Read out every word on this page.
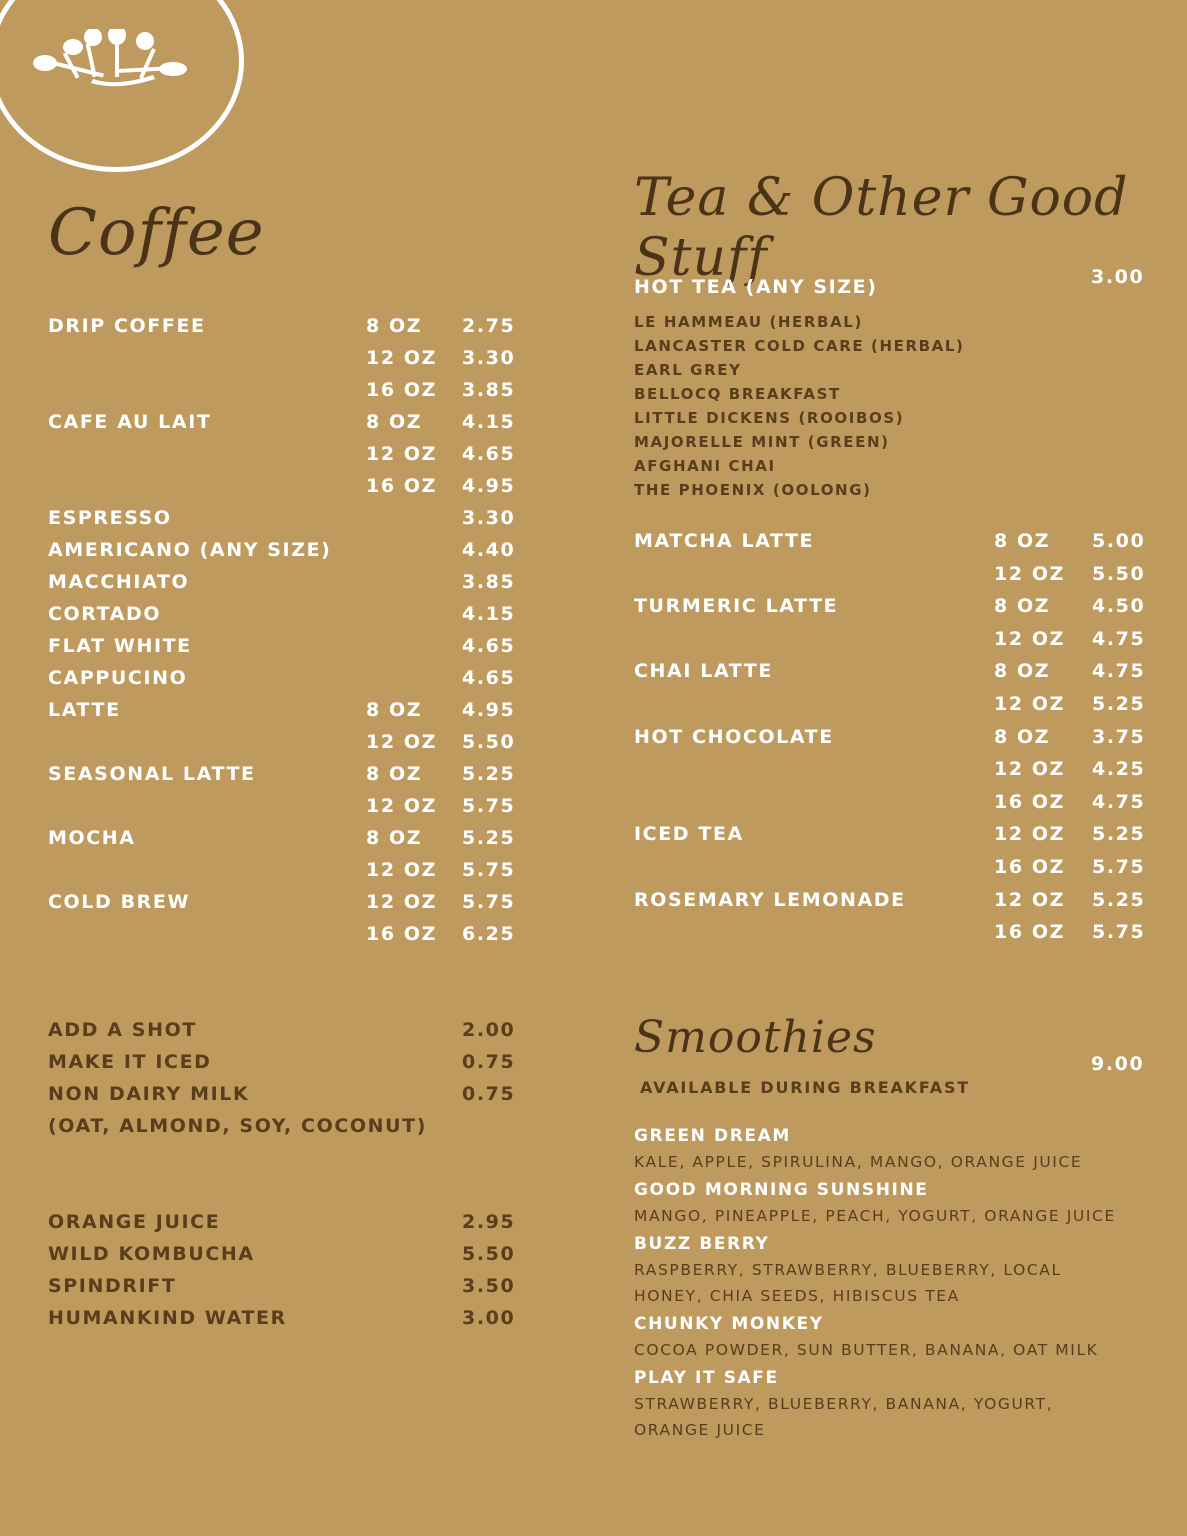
Coffee	Tea & Other Good Stuff
Smoothies
DRIP COFFEE	8 OZ 2.75
12 OZ 3.30
16 OZ 3.85
CAFE AU LAIT	8 OZ 4.15
12 OZ 4.65
16 OZ 4.95
ESPRESSO	3.30
AMERICANO (ANY SIZE)	4.40
MACCHIATO	3.85
CORTADO	4.15
FLAT WHITE	4.65
CAPPUCINO	4.65
LATTE	8 OZ 4.95
12 OZ 5.50
SEASONAL LATTE	8 OZ 5.25
12 OZ 5.75
MOCHA	8 OZ 5.25
12 OZ 5.75
COLD BREW	12 OZ 5.75
16 OZ 6.25
ADD A SHOT	2.00
MAKE IT ICED	0.75
NON DAIRY MILK	0.75
(OAT, ALMOND, SOY, COCONUT)
ORANGE JUICE	2.95
WILD KOMBUCHA	5.50
SPINDRIFT	3.50
HUMANKIND WATER	3.00
HOT TEA (ANY SIZE)	3.00
LE HAMMEAU (HERBAL)
LANCASTER COLD CARE (HERBAL)
EARL GREY
BELLOCQ BREAKFAST
LITTLE DICKENS (ROOIBOS)
MAJORELLE MINT (GREEN)
AFGHANI CHAI
THE PHOENIX (OOLONG)
MATCHA LATTE	8 OZ 5.00
12 OZ 5.50
TURMERIC LATTE	8 OZ 4.50
12 OZ 4.75
CHAI LATTE	8 OZ 4.75
12 OZ 5.25
HOT CHOCOLATE	8 OZ 3.75
12 OZ 4.25
16 OZ 4.75
ICED TEA	12 OZ 5.25
16 OZ 5.75
ROSEMARY LEMONADE	12 OZ 5.25
16 OZ 5.75
9.00
AVAILABLE DURING BREAKFAST
GREEN DREAM
KALE, APPLE, SPIRULINA, MANGO, ORANGE JUICE
GOOD MORNING SUNSHINE
MANGO, PINEAPPLE, PEACH, YOGURT, ORANGE JUICE
BUZZ BERRY
RASPBERRY, STRAWBERRY, BLUEBERRY, LOCAL
HONEY, CHIA SEEDS, HIBISCUS TEA
CHUNKY MONKEY
COCOA POWDER, SUN BUTTER, BANANA, OAT MILK
PLAY IT SAFE
STRAWBERRY, BLUEBERRY, BANANA, YOGURT,
ORANGE JUICE
